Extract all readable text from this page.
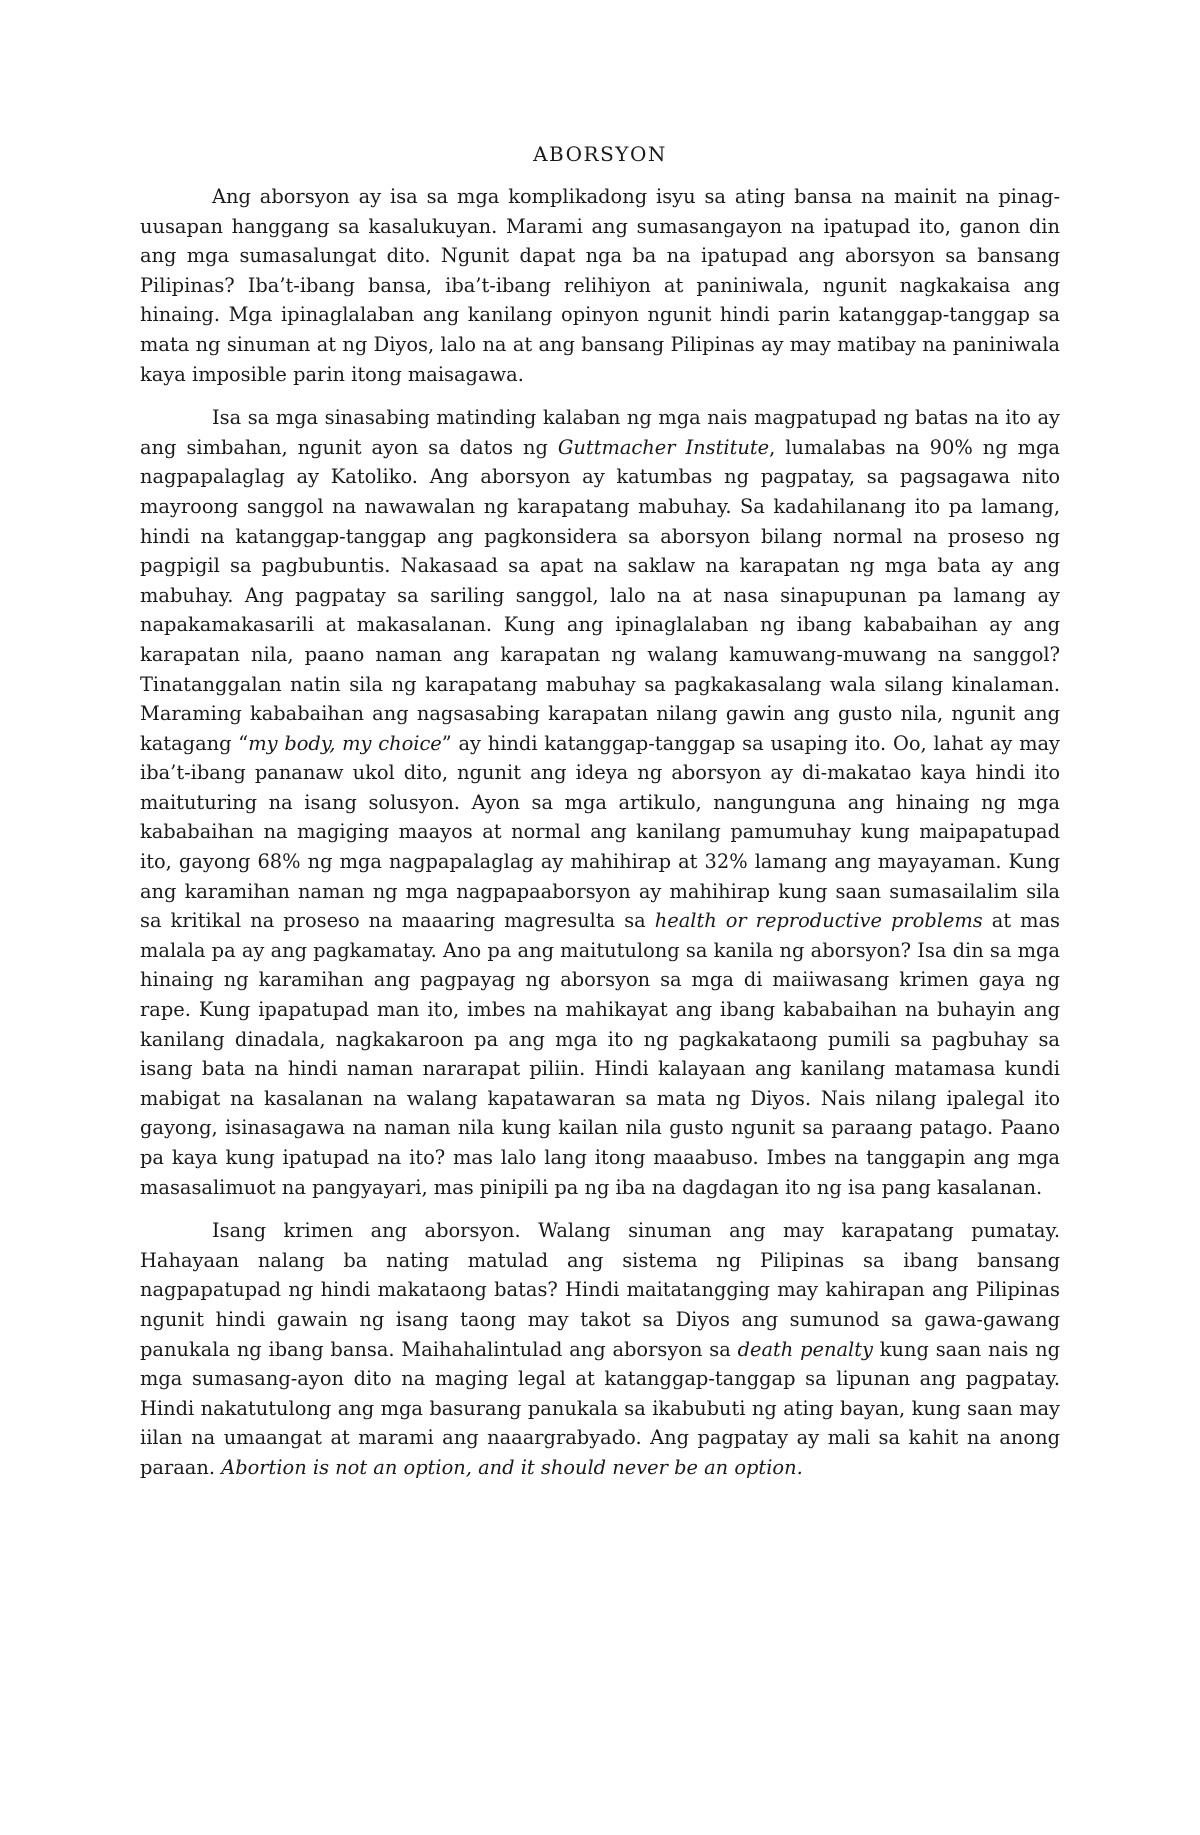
ABORSYON

Ang aborsyon ay isa sa mga komplikadong isyu sa ating bansa na mainit na pinag-uusapan hanggang sa kasalukuyan. Marami ang sumasangayon na ipatupad ito, ganon din ang mga sumasalungat dito. Ngunit dapat nga ba na ipatupad ang aborsyon sa bansang Pilipinas? Iba’t-ibang bansa, iba’t-ibang relihiyon at paniniwala, ngunit nagkakaisa ang hinaing. Mga ipinaglalaban ang kanilang opinyon ngunit hindi parin katanggap-tanggap sa mata ng sinuman at ng Diyos, lalo na at ang bansang Pilipinas ay may matibay na paniniwala kaya imposible parin itong maisagawa.

Isa sa mga sinasabing matinding kalaban ng mga nais magpatupad ng batas na ito ay ang simbahan, ngunit ayon sa datos ng Guttmacher Institute, lumalabas na 90% ng mga nagpapalaglag ay Katoliko. Ang aborsyon ay katumbas ng pagpatay, sa pagsagawa nito mayroong sanggol na nawawalan ng karapatang mabuhay. Sa kadahilanang ito pa lamang, hindi na katanggap-tanggap ang pagkonsidera sa aborsyon bilang normal na proseso ng pagpigil sa pagbubuntis. Nakasaad sa apat na saklaw na karapatan ng mga bata ay ang mabuhay. Ang pagpatay sa sariling sanggol, lalo na at nasa sinapupunan pa lamang ay napakamakasarili at makasalanan. Kung ang ipinaglalaban ng ibang kababaihan ay ang karapatan nila, paano naman ang karapatan ng walang kamuwang-muwang na sanggol? Tinatanggalan natin sila ng karapatang mabuhay sa pagkakasalang wala silang kinalaman. Maraming kababaihan ang nagsasabing karapatan nilang gawin ang gusto nila, ngunit ang katagang “my body, my choice” ay hindi katanggap-tanggap sa usaping ito. Oo, lahat ay may iba’t-ibang pananaw ukol dito, ngunit ang ideya ng aborsyon ay di-makatao kaya hindi ito maituturing na isang solusyon. Ayon sa mga artikulo, nangunguna ang hinaing ng mga kababaihan na magiging maayos at normal ang kanilang pamumuhay kung maipapatupad ito, gayong 68% ng mga nagpapalaglag ay mahihirap at 32% lamang ang mayayaman. Kung ang karamihan naman ng mga nagpapaaborsyon ay mahihirap kung saan sumasailalim sila sa kritikal na proseso na maaaring magresulta sa health or reproductive problems at mas malala pa ay ang pagkamatay. Ano pa ang maitutulong sa kanila ng aborsyon? Isa din sa mga hinaing ng karamihan ang pagpayag ng aborsyon sa mga di maiiwasang krimen gaya ng rape. Kung ipapatupad man ito, imbes na mahikayat ang ibang kababaihan na buhayin ang kanilang dinadala, nagkakaroon pa ang mga ito ng pagkakataong pumili sa pagbuhay sa isang bata na hindi naman nararapat piliin. Hindi kalayaan ang kanilang matamasa kundi mabigat na kasalanan na walang kapatawaran sa mata ng Diyos. Nais nilang ipalegal ito gayong, isinasagawa na naman nila kung kailan nila gusto ngunit sa paraang patago. Paano pa kaya kung ipatupad na ito? mas lalo lang itong maaabuso. Imbes na tanggapin ang mga masasalimuot na pangyayari, mas pinipili pa ng iba na dagdagan ito ng isa pang kasalanan.

Isang krimen ang aborsyon. Walang sinuman ang may karapatang pumatay. Hahayaan nalang ba nating matulad ang sistema ng Pilipinas sa ibang bansang nagpapatupad ng hindi makataong batas? Hindi maitatangging may kahirapan ang Pilipinas ngunit hindi gawain ng isang taong may takot sa Diyos ang sumunod sa gawa-gawang panukala ng ibang bansa. Maihahalintulad ang aborsyon sa death penalty kung saan nais ng mga sumasang-ayon dito na maging legal at katanggap-tanggap sa lipunan ang pagpatay. Hindi nakatutulong ang mga basurang panukala sa ikabubuti ng ating bayan, kung saan may iilan na umaangat at marami ang naaargrabyado. Ang pagpatay ay mali sa kahit na anong paraan. Abortion is not an option, and it should never be an option.
